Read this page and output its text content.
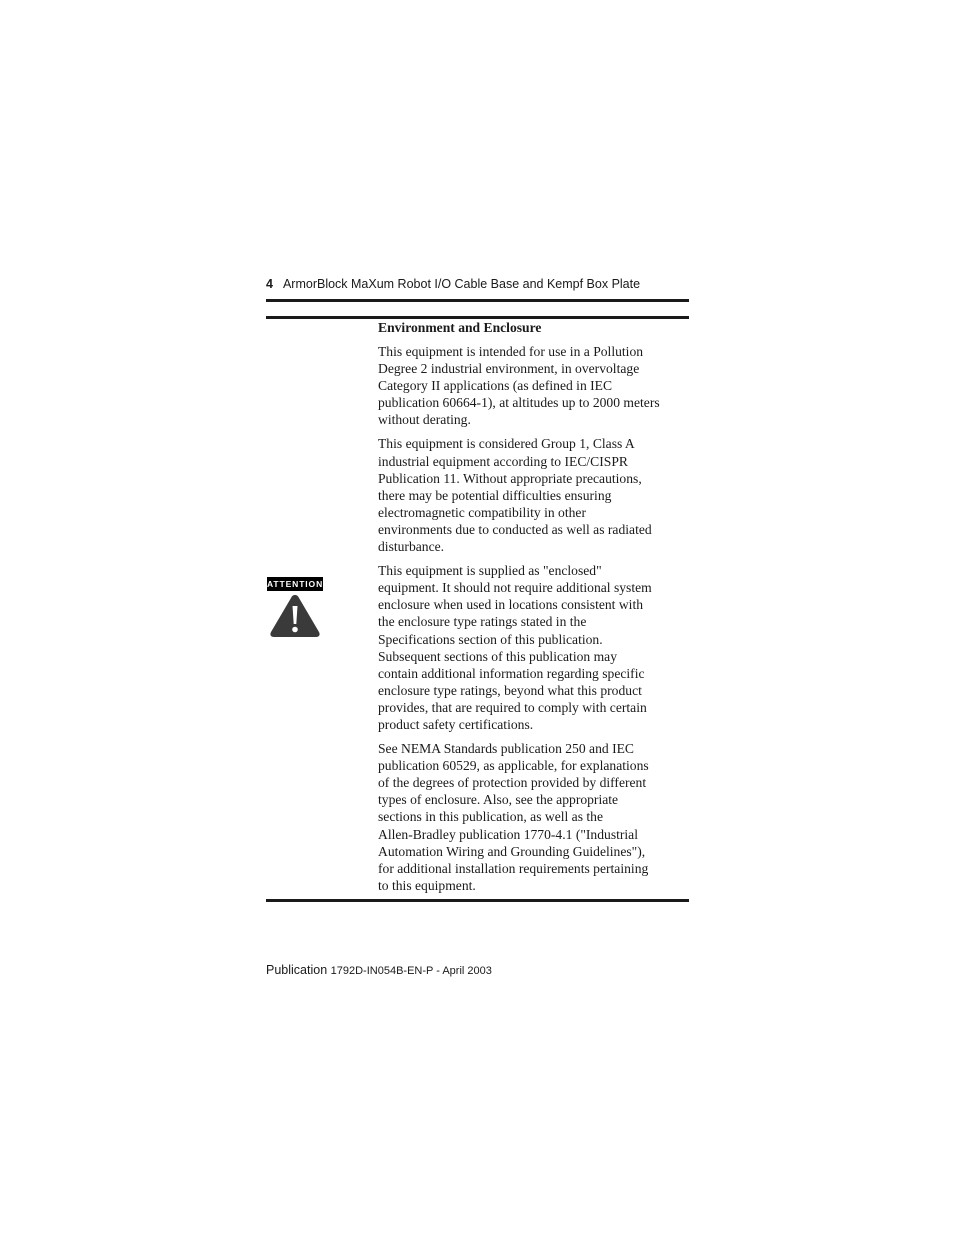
4 ArmorBlock MaXum Robot I/O Cable Base and Kempf Box Plate
ATTENTION
Environment and Enclosure

This equipment is intended for use in a Pollution
Degree 2 industrial environment, in overvoltage
Category II applications (as defined in IEC
publication 60664-1), at altitudes up to 2000 meters
without derating.

This equipment is considered Group 1, Class A
industrial equipment according to IEC/CISPR
Publication 11. Without appropriate precautions,
there may be potential difficulties ensuring
electromagnetic compatibility in other
environments due to conducted as well as radiated
disturbance.

This equipment is supplied as "enclosed"
equipment. It should not require additional system
enclosure when used in locations consistent with
the enclosure type ratings stated in the
Specifications section of this publication.
Subsequent sections of this publication may
contain additional information regarding specific
enclosure type ratings, beyond what this product
provides, that are required to comply with certain
product safety certifications.

See NEMA Standards publication 250 and IEC
publication 60529, as applicable, for explanations
of the degrees of protection provided by different
types of enclosure. Also, see the appropriate
sections in this publication, as well as the
Allen-Bradley publication 1770-4.1 ("Industrial
Automation Wiring and Grounding Guidelines"),
for additional installation requirements pertaining
to this equipment.

Publication 1792D-IN054B-EN-P - April 2003
